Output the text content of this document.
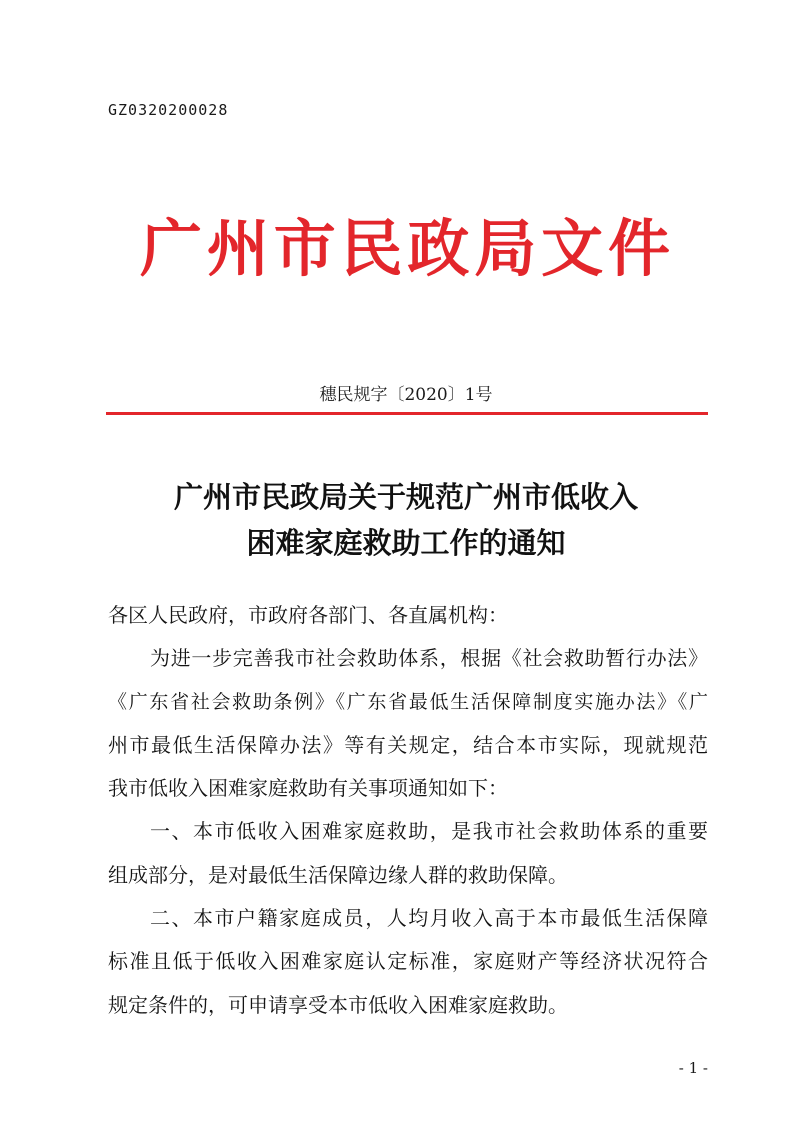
GZ0320200028
广州市民政局文件
穗民规字〔2020〕1号
广州市民政局关于规范广州市低收入
困难家庭救助工作的通知
各区人民政府，市政府各部门、各直属机构：
为进一步完善我市社会救助体系，根据《社会救助暂行办法》
《广东省社会救助条例》《广东省最低生活保障制度实施办法》《广
州市最低生活保障办法》等有关规定，结合本市实际，现就规范
我市低收入困难家庭救助有关事项通知如下：
一、本市低收入困难家庭救助，是我市社会救助体系的重要
组成部分，是对最低生活保障边缘人群的救助保障。
二、本市户籍家庭成员，人均月收入高于本市最低生活保障
标准且低于低收入困难家庭认定标准，家庭财产等经济状况符合
规定条件的，可申请享受本市低收入困难家庭救助。
- 1 -
